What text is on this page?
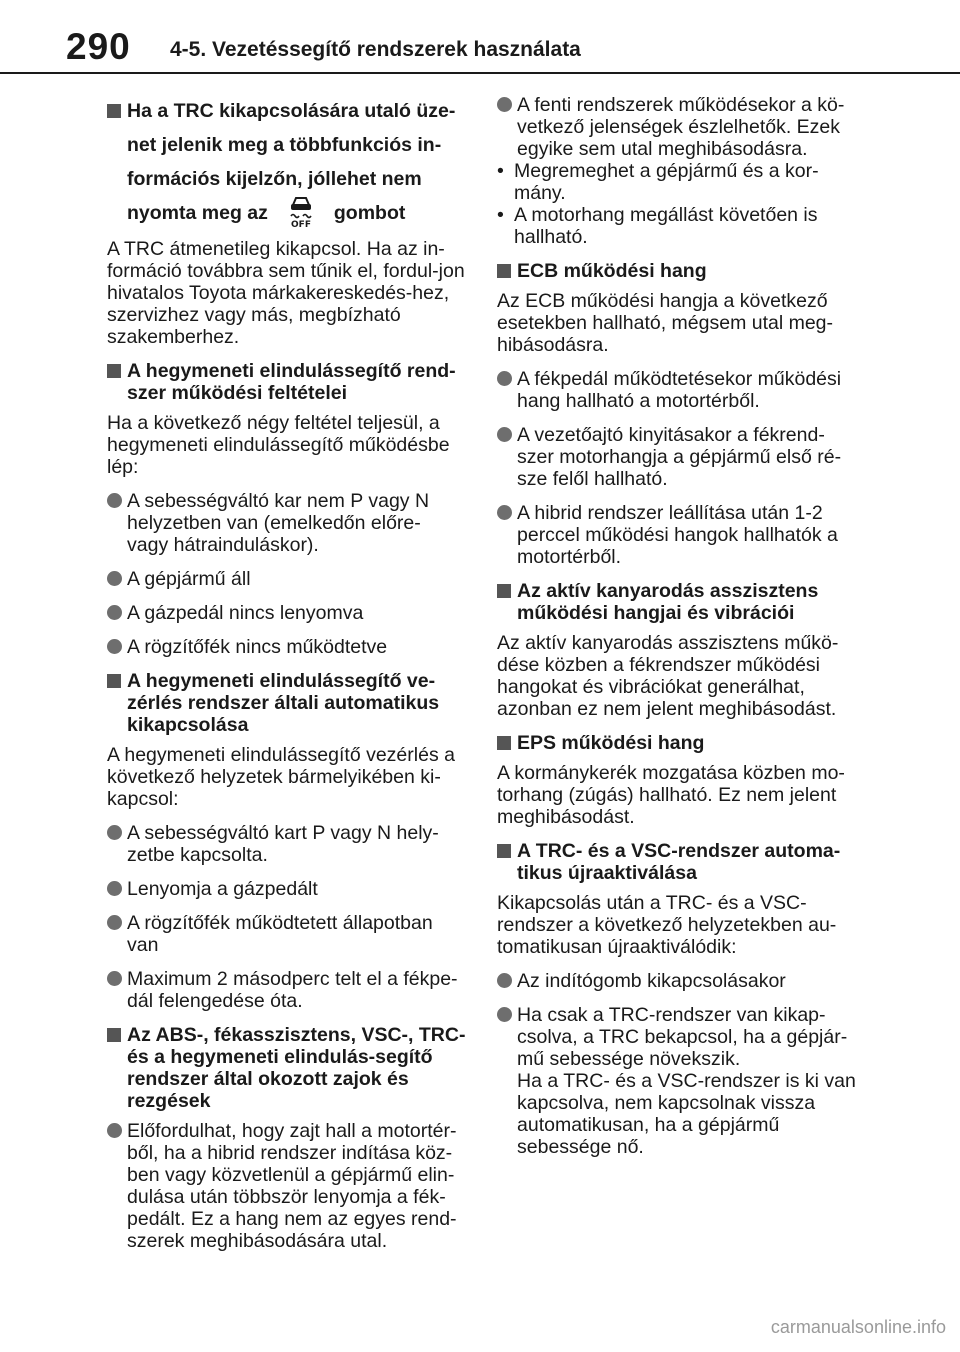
290 4-5. Vezetéssegítő rendszerek használata
Ha a TRC kikapcsolására utaló üze-
net jelenik meg a többfunkciós in-
formációs kijelzőn, jóllehet nem
nyomta meg az
OFF
gombot
A TRC átmenetileg kikapcsol. Ha az in-formáció továbbra sem tűnik el, fordul-jon hivatalos Toyota márkakereskedés-hez, szervizhez vagy más, megbízható szakemberhez.
A hegymeneti elindulássegítő rend-szer működési feltételei
Ha a következő négy feltétel teljesül, a hegymeneti elindulássegítő működésbe lép:
A sebességváltó kar nem P vagy N helyzetben van (emelkedőn előre- vagy hátrainduláskor).
A gépjármű áll
A gázpedál nincs lenyomva
A rögzítőfék nincs működtetve
A hegymeneti elindulássegítő ve-zérlés rendszer általi automatikus kikapcsolása
A hegymeneti elindulássegítő vezérlés a következő helyzetek bármelyikében ki-kapcsol:
A sebességváltó kart P vagy N hely-zetbe kapcsolta.
Lenyomja a gázpedált
A rögzítőfék működtetett állapotban van
Maximum 2 másodperc telt el a fékpe-dál felengedése óta.
Az ABS-, fékasszisztens, VSC-, TRC- és a hegymeneti elindulás-segítő rendszer által okozott zajok és rezgések
Előfordulhat, hogy zajt hall a motortér-ből, ha a hibrid rendszer indítása köz-ben vagy közvetlenül a gépjármű elin-dulása után többször lenyomja a fék-pedált. Ez a hang nem az egyes rend-szerek meghibásodására utal.
A fenti rendszerek működésekor a kö-vetkező jelenségek észlelhetők. Ezek egyike sem utal meghibásodásra.
• Megremeghet a gépjármű és a kor-mány.
• A motorhang megállást követően is hallható.
ECB működési hang
Az ECB működési hangja a következő esetekben hallható, mégsem utal meg-hibásodásra.
A fékpedál működtetésekor működési hang hallható a motortérből.
A vezetőajtó kinyitásakor a fékrend-szer motorhangja a gépjármű első ré-sze felől hallható.
A hibrid rendszer leállítása után 1-2 perccel működési hangok hallhatók a motortérből.
Az aktív kanyarodás asszisztens működési hangjai és vibrációi
Az aktív kanyarodás asszisztens műkö-dése közben a fékrendszer működési hangokat és vibrációkat generálhat, azonban ez nem jelent meghibásodást.
EPS működési hang
A kormánykerék mozgatása közben mo-torhang (zúgás) hallható. Ez nem jelent meghibásodást.
A TRC- és a VSC-rendszer automa-tikus újraaktiválása
Kikapcsolás után a TRC- és a VSC-rendszer a következő helyzetekben au-tomatikusan újraaktiválódik:
Az indítógomb kikapcsolásakor
Ha csak a TRC-rendszer van kikap-csolva, a TRC bekapcsol, ha a gépjár-mű sebessége növekszik.
Ha a TRC- és a VSC-rendszer is ki van kapcsolva, nem kapcsolnak vissza automatikusan, ha a gépjármű sebessége nő.
carmanualsonline.info
